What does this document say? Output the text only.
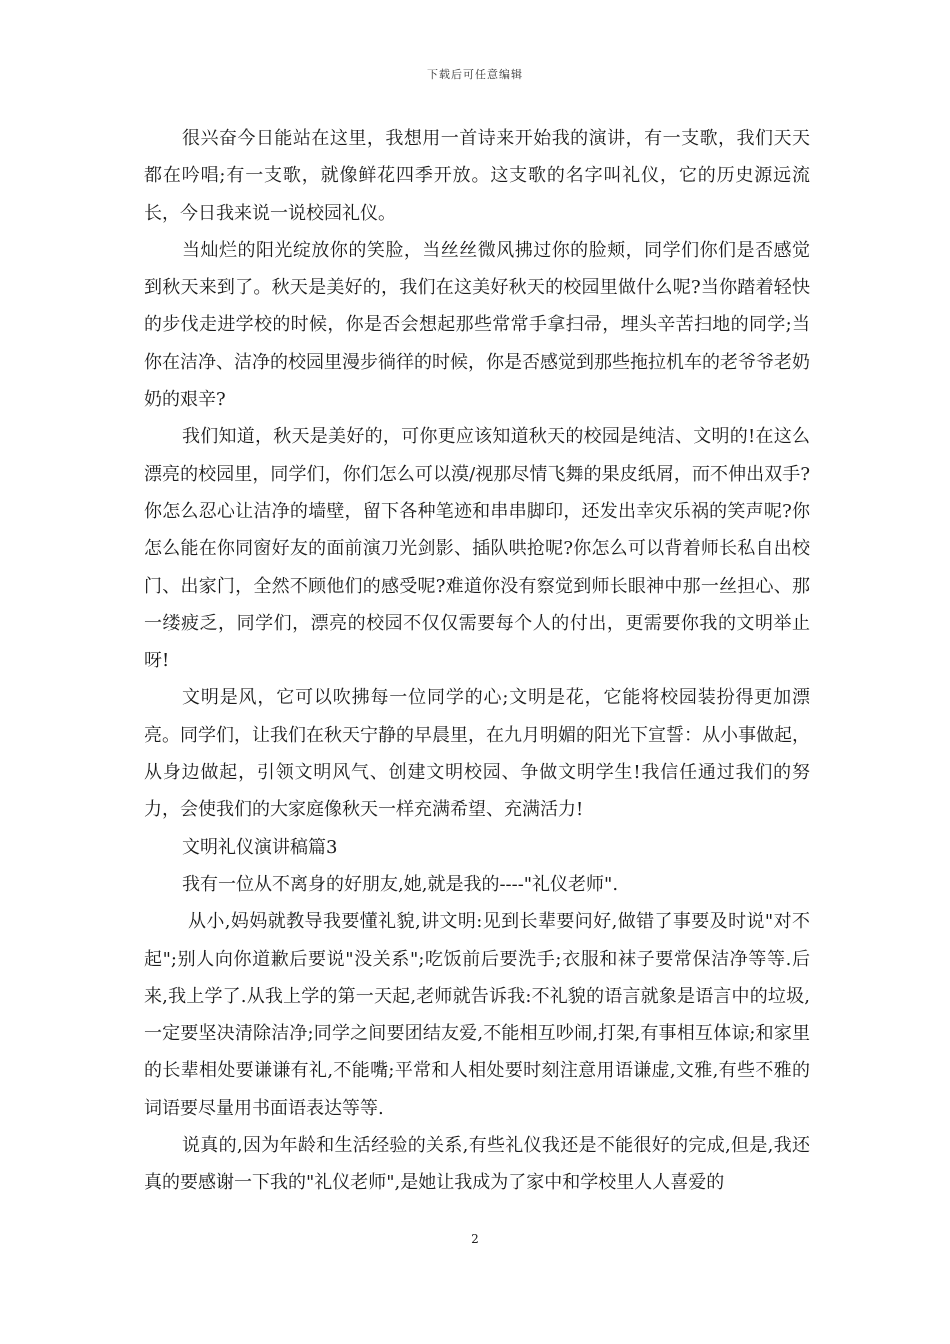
下载后可任意编辑

很兴奋今日能站在这里，我想用一首诗来开始我的演讲，有一支歌，我们天天都在吟唱;有一支歌，就像鲜花四季开放。这支歌的名字叫礼仪，它的历史源远流长，今日我来说一说校园礼仪。

当灿烂的阳光绽放你的笑脸，当丝丝微风拂过你的脸颊，同学们你们是否感觉到秋天来到了。秋天是美好的，我们在这美好秋天的校园里做什么呢?当你踏着轻快的步伐走进学校的时候，你是否会想起那些常常手拿扫帚，埋头辛苦扫地的同学;当你在洁净、洁净的校园里漫步徜徉的时候，你是否感觉到那些拖拉机车的老爷爷老奶奶的艰辛?

我们知道，秋天是美好的，可你更应该知道秋天的校园是纯洁、文明的!在这么漂亮的校园里，同学们，你们怎么可以漠/视那尽情飞舞的果皮纸屑，而不伸出双手?你怎么忍心让洁净的墙壁，留下各种笔迹和串串脚印，还发出幸灾乐祸的笑声呢?你怎么能在你同窗好友的面前演刀光剑影、插队哄抢呢?你怎么可以背着师长私自出校门、出家门，全然不顾他们的感受呢?难道你没有察觉到师长眼神中那一丝担心、那一缕疲乏，同学们，漂亮的校园不仅仅需要每个人的付出，更需要你我的文明举止呀!

文明是风，它可以吹拂每一位同学的心;文明是花，它能将校园装扮得更加漂亮。同学们，让我们在秋天宁静的早晨里，在九月明媚的阳光下宣誓：从小事做起，从身边做起，引领文明风气、创建文明校园、争做文明学生!我信任通过我们的努力，会使我们的大家庭像秋天一样充满希望、充满活力!

文明礼仪演讲稿篇3

我有一位从不离身的好朋友,她,就是我的----"礼仪老师".

从小,妈妈就教导我要懂礼貌,讲文明:见到长辈要问好,做错了事要及时说"对不起";别人向你道歉后要说"没关系";吃饭前后要洗手;衣服和袜子要常保洁净等等.后来,我上学了.从我上学的第一天起,老师就告诉我:不礼貌的语言就象是语言中的垃圾,一定要坚决清除洁净;同学之间要团结友爱,不能相互吵闹,打架,有事相互体谅;和家里的长辈相处要谦谦有礼,不能嘴;平常和人相处要时刻注意用语谦虚,文雅,有些不雅的词语要尽量用书面语表达等等.

说真的,因为年龄和生活经验的关系,有些礼仪我还是不能很好的完成,但是,我还真的要感谢一下我的"礼仪老师",是她让我成为了家中和学校里人人喜爱的

2
